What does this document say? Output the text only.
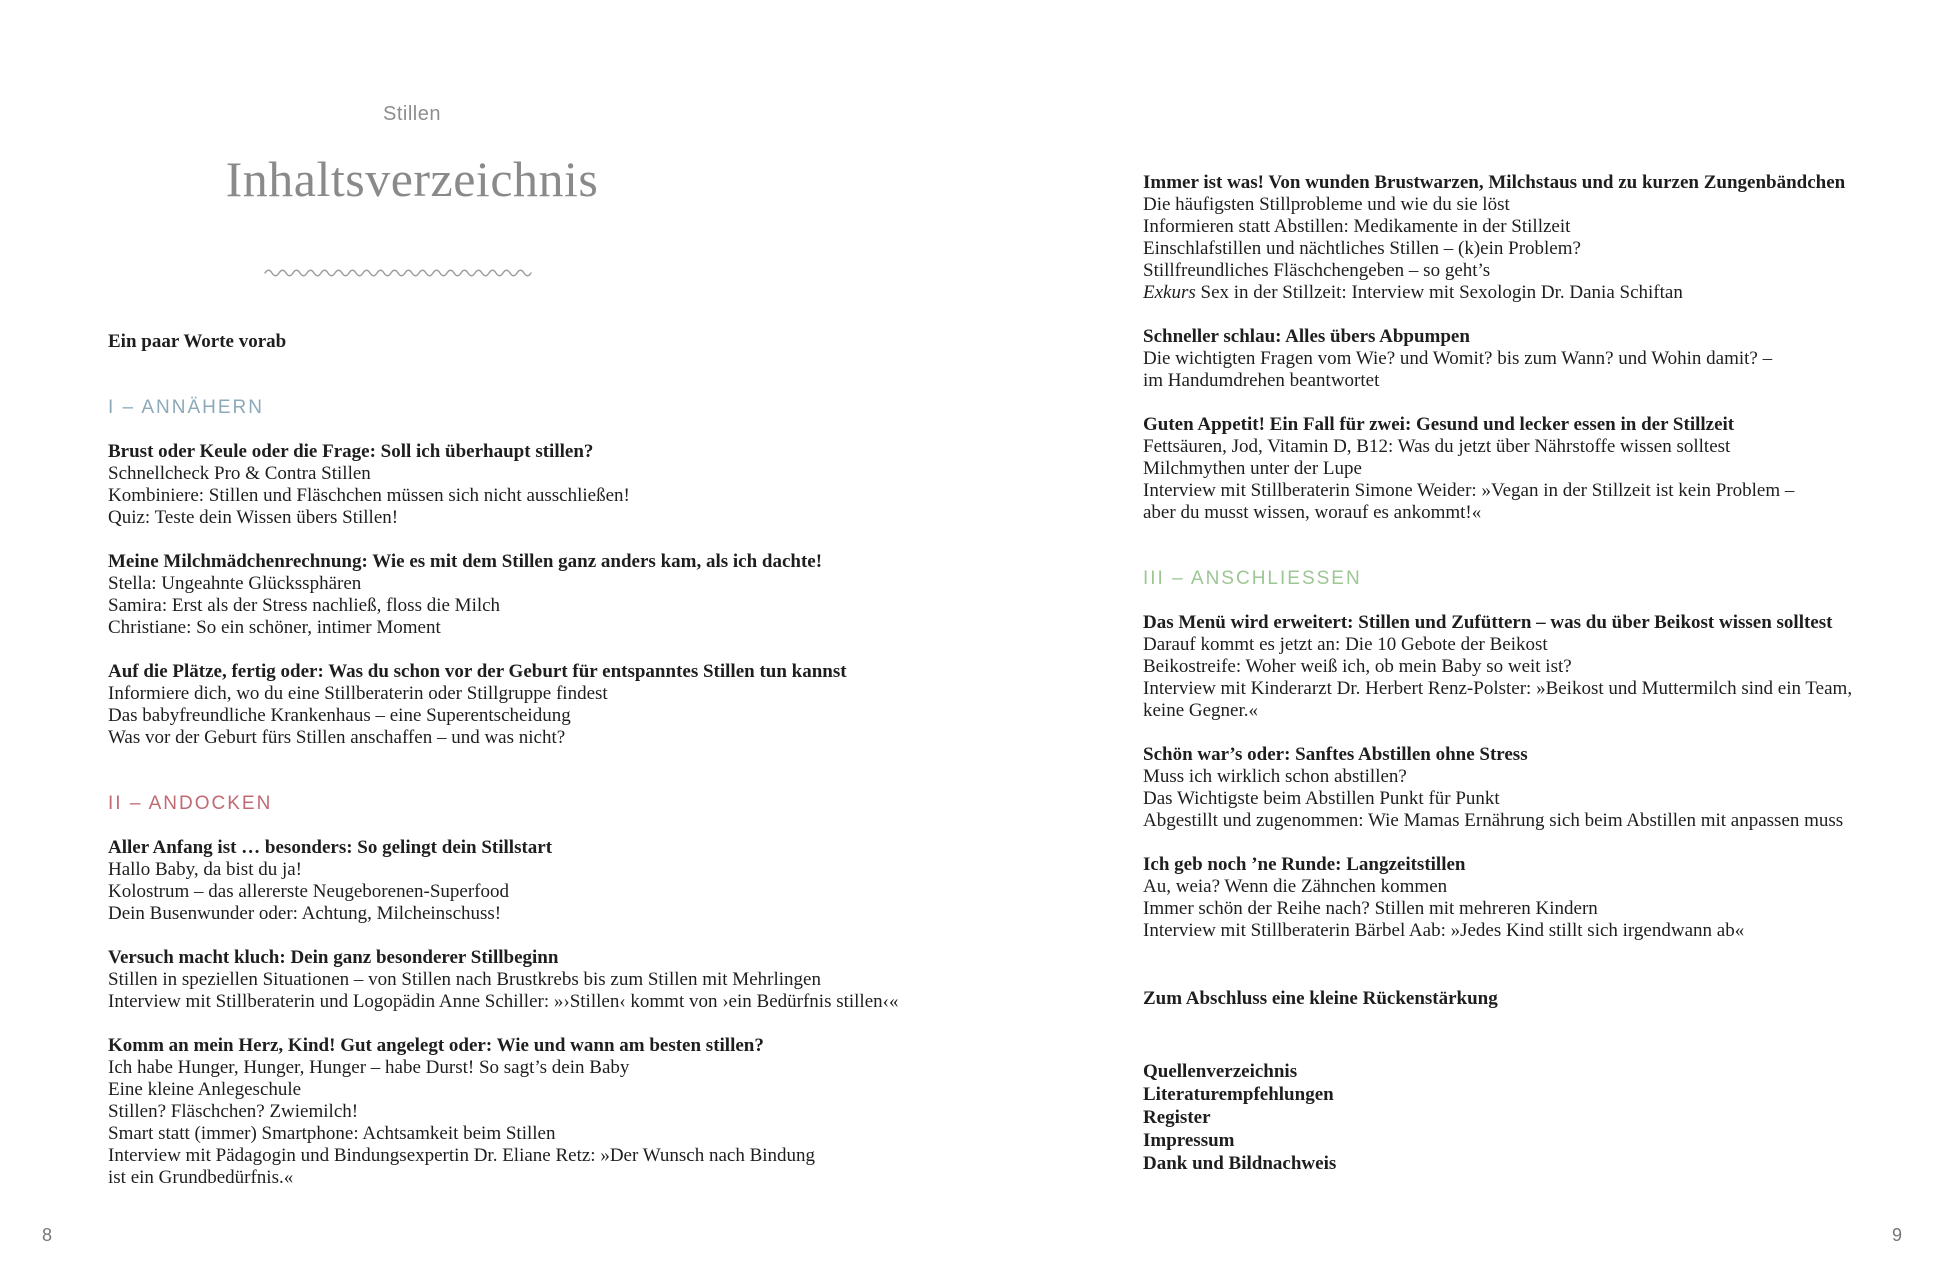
Stillen
Inhaltsverzeichnis
Ein paar Worte vorab
I – ANNÄHERN
Brust oder Keule oder die Frage: Soll ich überhaupt stillen?
Schnellcheck Pro & Contra Stillen
Kombiniere: Stillen und Fläschchen müssen sich nicht ausschließen!
Quiz: Teste dein Wissen übers Stillen!
Meine Milchmädchenrechnung: Wie es mit dem Stillen ganz anders kam, als ich dachte!
Stella: Ungeahnte Glückssphären
Samira: Erst als der Stress nachließ, floss die Milch
Christiane: So ein schöner, intimer Moment
Auf die Plätze, fertig oder: Was du schon vor der Geburt für entspanntes Stillen tun kannst
Informiere dich, wo du eine Stillberaterin oder Stillgruppe findest
Das babyfreundliche Krankenhaus – eine Superentscheidung
Was vor der Geburt fürs Stillen anschaffen – und was nicht?
II – ANDOCKEN
Aller Anfang ist … besonders: So gelingt dein Stillstart
Hallo Baby, da bist du ja!
Kolostrum – das allererste Neugeborenen-Superfood
Dein Busenwunder oder: Achtung, Milcheinschuss!
Versuch macht kluch: Dein ganz besonderer Stillbeginn
Stillen in speziellen Situationen – von Stillen nach Brustkrebs bis zum Stillen mit Mehrlingen
Interview mit Stillberaterin und Logopädin Anne Schiller: »›Stillen‹ kommt von ›ein Bedürfnis stillen‹«
Komm an mein Herz, Kind! Gut angelegt oder: Wie und wann am besten stillen?
Ich habe Hunger, Hunger, Hunger – habe Durst! So sagt’s dein Baby
Eine kleine Anlegeschule
Stillen? Fläschchen? Zwiemilch!
Smart statt (immer) Smartphone: Achtsamkeit beim Stillen
Interview mit Pädagogin und Bindungsexpertin Dr. Eliane Retz: »Der Wunsch nach Bindung
ist ein Grundbedürfnis.«
Immer ist was! Von wunden Brustwarzen, Milchstaus und zu kurzen Zungenbändchen
Die häufigsten Stillprobleme und wie du sie löst
Informieren statt Abstillen: Medikamente in der Stillzeit
Einschlafstillen und nächtliches Stillen – (k)ein Problem?
Stillfreundliches Fläschchengeben – so geht’s
Exkurs Sex in der Stillzeit: Interview mit Sexologin Dr. Dania Schiftan
Schneller schlau: Alles übers Abpumpen
Die wichtigten Fragen vom Wie? und Womit? bis zum Wann? und Wohin damit? –
im Handumdrehen beantwortet
Guten Appetit! Ein Fall für zwei: Gesund und lecker essen in der Stillzeit
Fettsäuren, Jod, Vitamin D, B12: Was du jetzt über Nährstoffe wissen solltest
Milchmythen unter der Lupe
Interview mit Stillberaterin Simone Weider: »Vegan in der Stillzeit ist kein Problem –
aber du musst wissen, worauf es ankommt!«
III – ANSCHLIESSEN
Das Menü wird erweitert: Stillen und Zufüttern – was du über Beikost wissen solltest
Darauf kommt es jetzt an: Die 10 Gebote der Beikost
Beikostreife: Woher weiß ich, ob mein Baby so weit ist?
Interview mit Kinderarzt Dr. Herbert Renz-Polster: »Beikost und Muttermilch sind ein Team,
keine Gegner.«
Schön war’s oder: Sanftes Abstillen ohne Stress
Muss ich wirklich schon abstillen?
Das Wichtigste beim Abstillen Punkt für Punkt
Abgestillt und zugenommen: Wie Mamas Ernährung sich beim Abstillen mit anpassen muss
Ich geb noch ’ne Runde: Langzeitstillen
Au, weia? Wenn die Zähnchen kommen
Immer schön der Reihe nach? Stillen mit mehreren Kindern
Interview mit Stillberaterin Bärbel Aab: »Jedes Kind stillt sich irgendwann ab«
Zum Abschluss eine kleine Rückenstärkung
Quellenverzeichnis
Literaturempfehlungen
Register
Impressum
Dank und Bildnachweis
8	9
